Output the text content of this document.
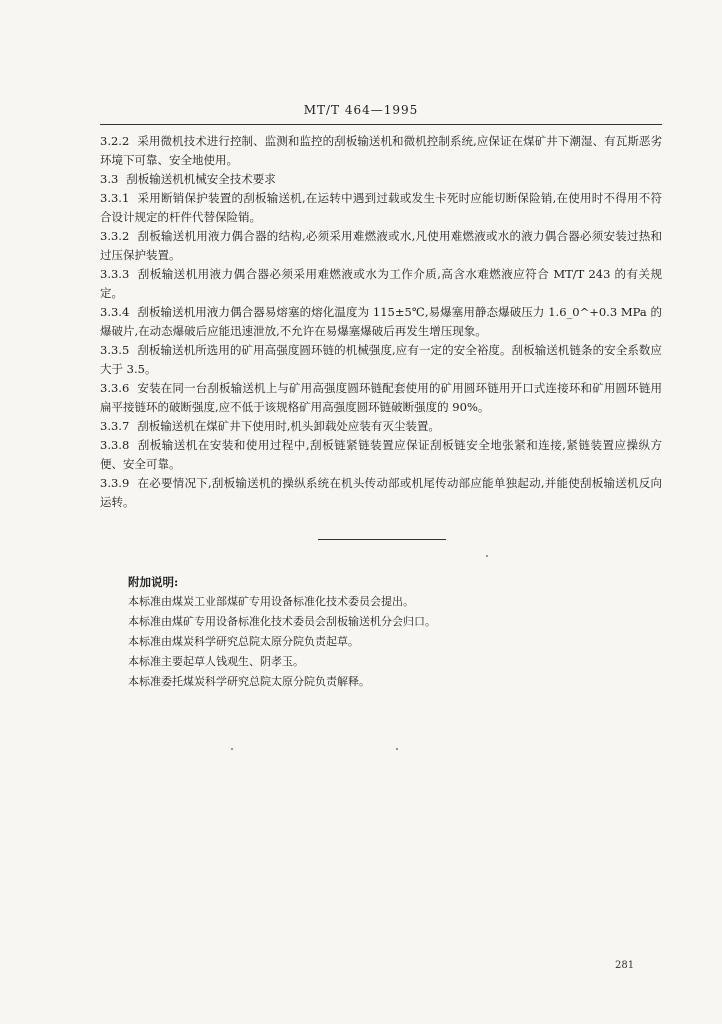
MT/T 464—1995

3.2.2 采用微机技术进行控制、监测和监控的刮板输送机和微机控制系统,应保证在煤矿井下潮湿、有瓦斯恶劣环境下可靠、安全地使用。

3.3 刮板输送机机械安全技术要求

3.3.1 采用断销保护装置的刮板输送机,在运转中遇到过载或发生卡死时应能切断保险销,在使用时不得用不符合设计规定的杆件代替保险销。

3.3.2 刮板输送机用液力偶合器的结构,必须采用难燃液或水,凡使用难燃液或水的液力偶合器必须安装过热和过压保护装置。

3.3.3 刮板输送机用液力偶合器必须采用难燃液或水为工作介质,高含水难燃液应符合 MT/T 243 的有关规定。

3.3.4 刮板输送机用液力偶合器易熔塞的熔化温度为 115±5℃,易爆塞用静态爆破压力 1.6_0^+0.3 MPa 的爆破片,在动态爆破后应能迅速泄放,不允许在易爆塞爆破后再发生增压现象。

3.3.5 刮板输送机所选用的矿用高强度圆环链的机械强度,应有一定的安全裕度。刮板输送机链条的安全系数应大于 3.5。

3.3.6 安装在同一台刮板输送机上与矿用高强度圆环链配套使用的矿用圆环链用开口式连接环和矿用圆环链用扁平接链环的破断强度,应不低于该规格矿用高强度圆环链破断强度的 90%。

3.3.7 刮板输送机在煤矿井下使用时,机头卸载处应装有灭尘装置。

3.3.8 刮板输送机在安装和使用过程中,刮板链紧链装置应保证刮板链安全地张紧和连接,紧链装置应操纵方便、安全可靠。

3.3.9 在必要情况下,刮板输送机的操纵系统在机头传动部或机尾传动部应能单独起动,并能使刮板输送机反向运转。

附加说明:

本标准由煤炭工业部煤矿专用设备标准化技术委员会提出。

本标准由煤矿专用设备标准化技术委员会刮板输送机分会归口。

本标准由煤炭科学研究总院太原分院负责起草。

本标准主要起草人钱观生、阴孝玉。

本标准委托煤炭科学研究总院太原分院负责解释。

281
